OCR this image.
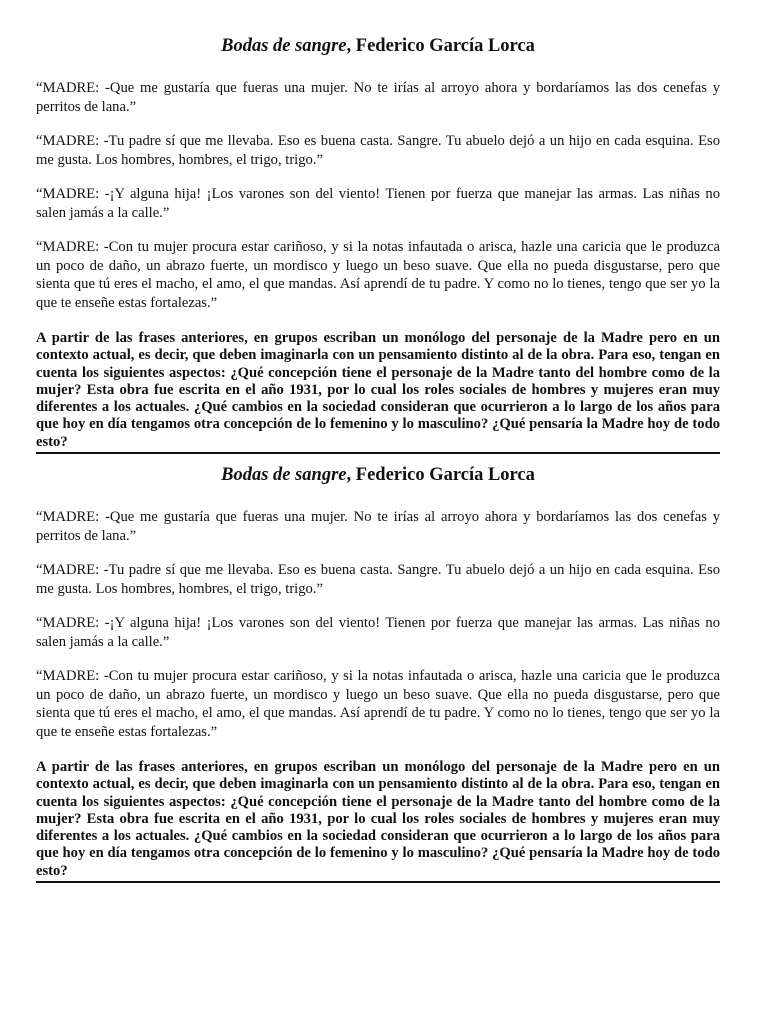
Bodas de sangre, Federico García Lorca

“MADRE: -Que me gustaría que fueras una mujer. No te irías al arroyo ahora y bordaríamos las dos cenefas y perritos de lana.”

“MADRE: -Tu padre sí que me llevaba. Eso es buena casta. Sangre. Tu abuelo dejó a un hijo en cada esquina. Eso me gusta. Los hombres, hombres, el trigo, trigo.”

“MADRE: -¡Y alguna hija! ¡Los varones son del viento! Tienen por fuerza que manejar las armas. Las niñas no salen jamás a la calle.”

“MADRE: -Con tu mujer procura estar cariñoso, y si la notas infautada o arisca, hazle una caricia que le produzca un poco de daño, un abrazo fuerte, un mordisco y luego un beso suave. Que ella no pueda disgustarse, pero que sienta que tú eres el macho, el amo, el que mandas. Así aprendí de tu padre. Y como no lo tienes, tengo que ser yo la que te enseñe estas fortalezas.”

A partir de las frases anteriores, en grupos escriban un monólogo del personaje de la Madre pero en un contexto actual, es decir, que deben imaginarla con un pensamiento distinto al de la obra. Para eso, tengan en cuenta los siguientes aspectos: ¿Qué concepción tiene el personaje de la Madre tanto del hombre como de la mujer? Esta obra fue escrita en el año 1931, por lo cual los roles sociales de hombres y mujeres eran muy diferentes a los actuales. ¿Qué cambios en la sociedad consideran que ocurrieron a lo largo de los años para que hoy en día tengamos otra concepción de lo femenino y lo masculino? ¿Qué pensaría la Madre hoy de todo esto?

Bodas de sangre, Federico García Lorca

“MADRE: -Que me gustaría que fueras una mujer. No te irías al arroyo ahora y bordaríamos las dos cenefas y perritos de lana.”

“MADRE: -Tu padre sí que me llevaba. Eso es buena casta. Sangre. Tu abuelo dejó a un hijo en cada esquina. Eso me gusta. Los hombres, hombres, el trigo, trigo.”

“MADRE: -¡Y alguna hija! ¡Los varones son del viento! Tienen por fuerza que manejar las armas. Las niñas no salen jamás a la calle.”

“MADRE: -Con tu mujer procura estar cariñoso, y si la notas infautada o arisca, hazle una caricia que le produzca un poco de daño, un abrazo fuerte, un mordisco y luego un beso suave. Que ella no pueda disgustarse, pero que sienta que tú eres el macho, el amo, el que mandas. Así aprendí de tu padre. Y como no lo tienes, tengo que ser yo la que te enseñe estas fortalezas.”

A partir de las frases anteriores, en grupos escriban un monólogo del personaje de la Madre pero en un contexto actual, es decir, que deben imaginarla con un pensamiento distinto al de la obra. Para eso, tengan en cuenta los siguientes aspectos: ¿Qué concepción tiene el personaje de la Madre tanto del hombre como de la mujer? Esta obra fue escrita en el año 1931, por lo cual los roles sociales de hombres y mujeres eran muy diferentes a los actuales. ¿Qué cambios en la sociedad consideran que ocurrieron a lo largo de los años para que hoy en día tengamos otra concepción de lo femenino y lo masculino? ¿Qué pensaría la Madre hoy de todo esto?
